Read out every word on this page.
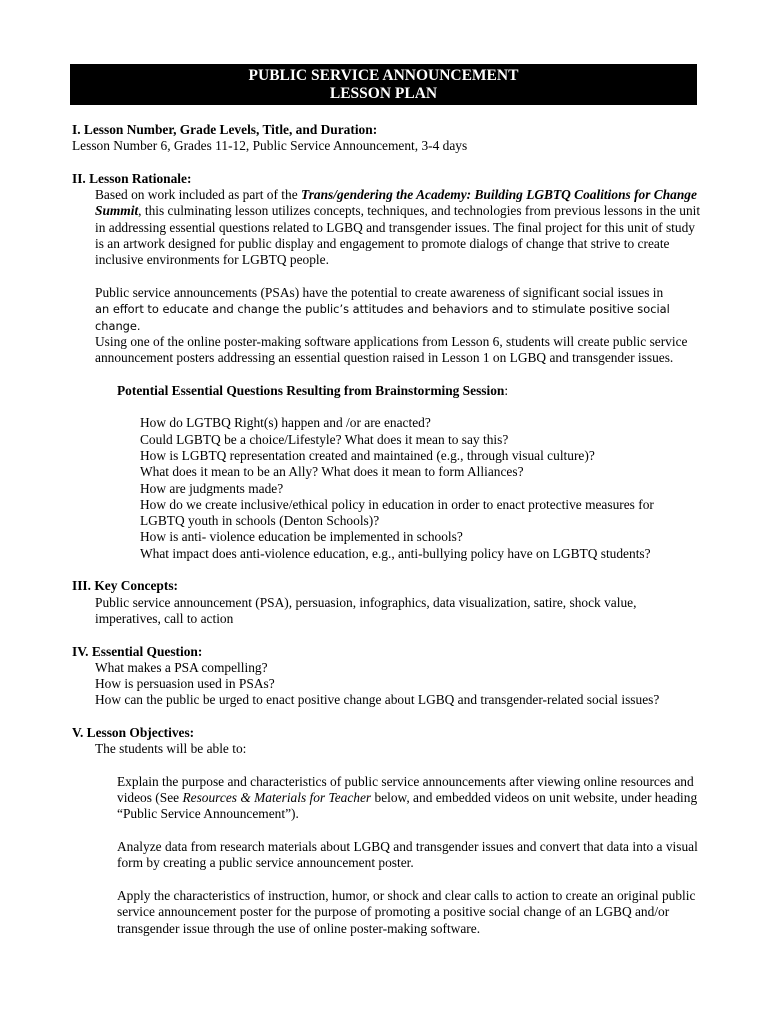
PUBLIC SERVICE ANNOUNCEMENT
LESSON PLAN
I. Lesson Number, Grade Levels, Title, and Duration:
Lesson Number 6, Grades 11-12, Public Service Announcement, 3-4 days
II. Lesson Rationale:
Based on work included as part of the Trans/gendering the Academy: Building LGBTQ Coalitions for Change Summit, this culminating lesson utilizes concepts, techniques, and technologies from previous lessons in the unit in addressing essential questions related to LGBQ and transgender issues. The final project for this unit of study is an artwork designed for public display and engagement to promote dialogs of change that strive to create inclusive environments for LGBTQ people.
Public service announcements (PSAs) have the potential to create awareness of significant social issues in
an effort to educate and change the public’s attitudes and behaviors and to stimulate positive social change.
Using one of the online poster-making software applications from Lesson 6, students will create public service announcement posters addressing an essential question raised in Lesson 1 on LGBQ and transgender issues.
Potential Essential Questions Resulting from Brainstorming Session:
How do LGTBQ Right(s) happen and /or are enacted?
Could LGBTQ be a choice/Lifestyle? What does it mean to say this?
How is LGBTQ representation created and maintained (e.g., through visual culture)?
What does it mean to be an Ally? What does it mean to form Alliances?
How are judgments made?
How do we create inclusive/ethical policy in education in order to enact protective measures for LGBTQ youth in schools (Denton Schools)?
How is anti- violence education be implemented in schools?
What impact does anti-violence education, e.g., anti-bullying policy have on LGBTQ students?
III. Key Concepts:
Public service announcement (PSA), persuasion, infographics, data visualization, satire, shock value, imperatives, call to action
IV. Essential Question:
What makes a PSA compelling?
How is persuasion used in PSAs?
How can the public be urged to enact positive change about LGBQ and transgender-related social issues?
V. Lesson Objectives:
The students will be able to:
Explain the purpose and characteristics of public service announcements after viewing online resources and videos (See Resources & Materials for Teacher below, and embedded videos on unit website, under heading “Public Service Announcement”).
Analyze data from research materials about LGBQ and transgender issues and convert that data into a visual form by creating a public service announcement poster.
Apply the characteristics of instruction, humor, or shock and clear calls to action to create an original public service announcement poster for the purpose of promoting a positive social change of an LGBQ and/or transgender issue through the use of online poster-making software.
